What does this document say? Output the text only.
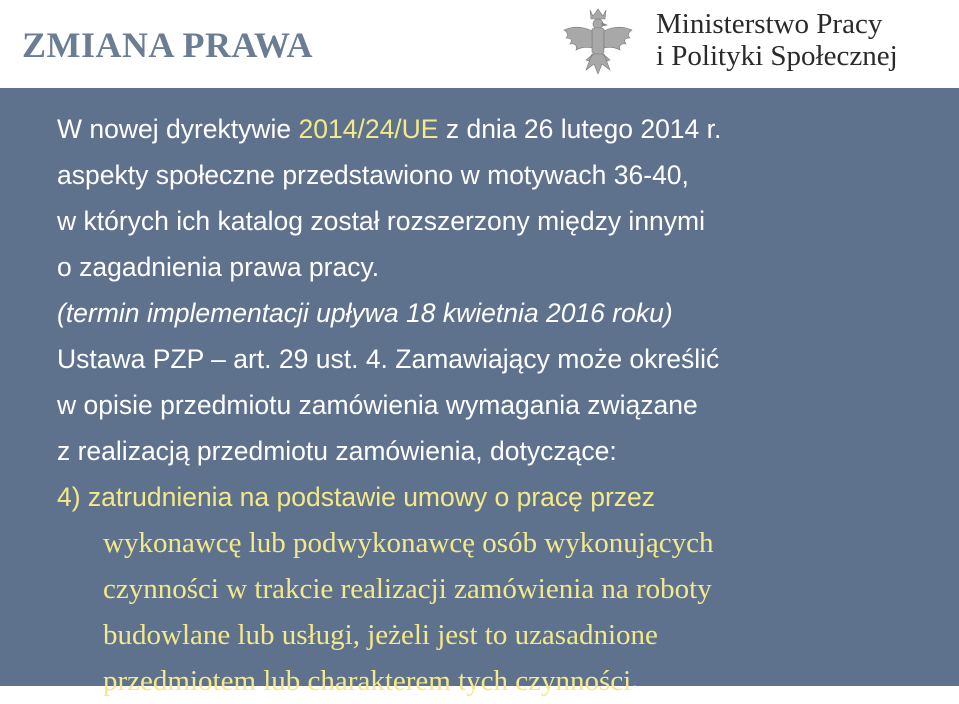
ZMIANA PRAWA
Ministerstwo Pracy
i Polityki Społecznej
W nowej dyrektywie 2014/24/UE z dnia 26 lutego 2014 r.
aspekty społeczne przedstawiono w motywach 36-40,
w których ich katalog został rozszerzony między innymi
o zagadnienia prawa pracy.
(termin implementacji upływa 18 kwietnia 2016 roku)
Ustawa PZP – art. 29 ust. 4. Zamawiający może określić
w opisie przedmiotu zamówienia wymagania związane
z realizacją przedmiotu zamówienia, dotyczące:
4) zatrudnienia na podstawie umowy o pracę przez
wykonawcę lub podwykonawcę osób wykonujących
czynności w trakcie realizacji zamówienia na roboty
budowlane lub usługi, jeżeli jest to uzasadnione
przedmiotem lub charakterem tych czynności.
